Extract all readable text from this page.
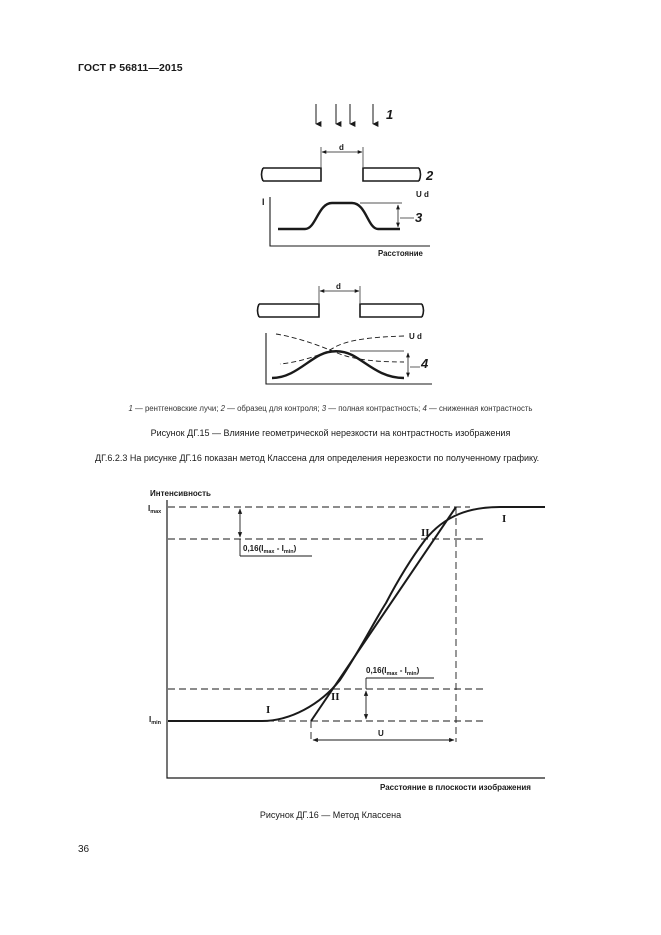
ГОСТ Р 56811—2015
1
d
2
U d
I
3
Расстояние
d
U d
4
Интенсивность
Расстояние в плоскости изображения
$I_{max}$
$I_{min}$
$0,16(I_{max} - I_{min})$
$0,16(I_{max} - I_{min})$
U
I
I
II
II
1 — рентгеновские лучи; 2 — образец для контроля; 3 — полная контрастность; 4 — сниженная контрастность
Рисунок ДГ.15 — Влияние геометрической нерезкости на контрастность изображения
ДГ.6.2.3 На рисунке ДГ.16 показан метод Классена для определения нерезкости по полученному графику.
Рисунок ДГ.16 — Метод Классена
36
